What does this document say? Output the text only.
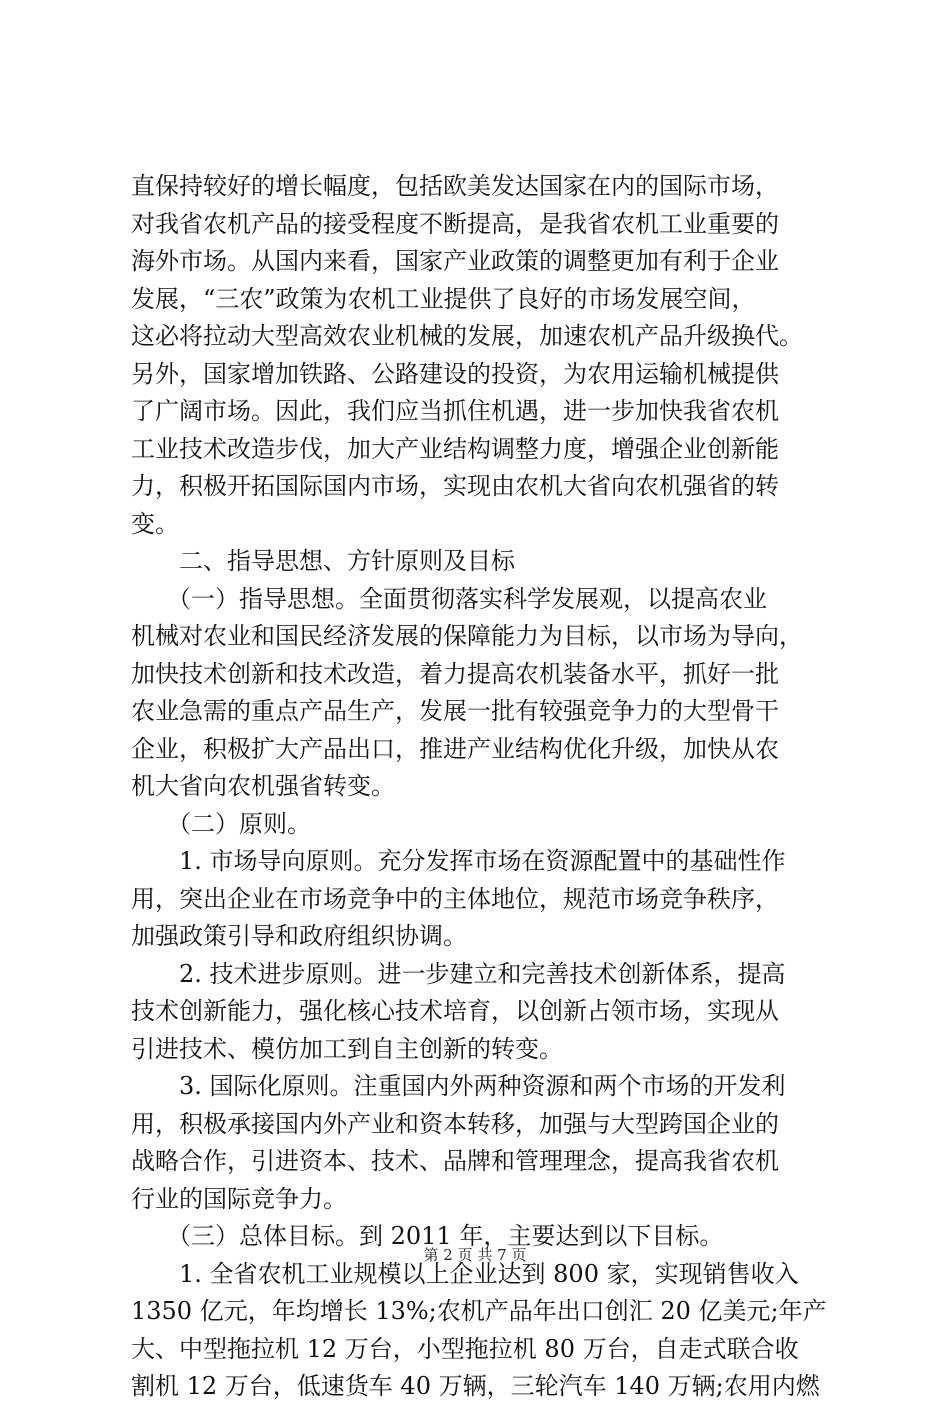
直保持较好的增长幅度，包括欧美发达国家在内的国际市场，
对我省农机产品的接受程度不断提高，是我省农机工业重要的
海外市场。从国内来看，国家产业政策的调整更加有利于企业
发展，“三农”政策为农机工业提供了良好的市场发展空间，
这必将拉动大型高效农业机械的发展，加速农机产品升级换代。
另外，国家增加铁路、公路建设的投资，为农用运输机械提供
了广阔市场。因此，我们应当抓住机遇，进一步加快我省农机
工业技术改造步伐，加大产业结构调整力度，增强企业创新能
力，积极开拓国际国内市场，实现由农机大省向农机强省的转
变。
　　二、指导思想、方针原则及目标
　　（一）指导思想。全面贯彻落实科学发展观，以提高农业
机械对农业和国民经济发展的保障能力为目标，以市场为导向，
加快技术创新和技术改造，着力提高农机装备水平，抓好一批
农业急需的重点产品生产，发展一批有较强竞争力的大型骨干
企业，积极扩大产品出口，推进产业结构优化升级，加快从农
机大省向农机强省转变。
　　（二）原则。
　　1. 市场导向原则。充分发挥市场在资源配置中的基础性作
用，突出企业在市场竞争中的主体地位，规范市场竞争秩序，
加强政策引导和政府组织协调。
　　2. 技术进步原则。进一步建立和完善技术创新体系，提高
技术创新能力，强化核心技术培育，以创新占领市场，实现从
引进技术、模仿加工到自主创新的转变。
　　3. 国际化原则。注重国内外两种资源和两个市场的开发利
用，积极承接国内外产业和资本转移，加强与大型跨国企业的
战略合作，引进资本、技术、品牌和管理理念，提高我省农机
行业的国际竞争力。
　　（三）总体目标。到 2011 年，主要达到以下目标。
　　1. 全省农机工业规模以上企业达到 800 家，实现销售收入
1350 亿元，年均增长 13%;农机产品年出口创汇 20 亿美元;年产
大、中型拖拉机 12 万台，小型拖拉机 80 万台，自走式联合收
割机 12 万台，低速货车 40 万辆，三轮汽车 140 万辆;农用内燃
第 2 页 共 7 页
